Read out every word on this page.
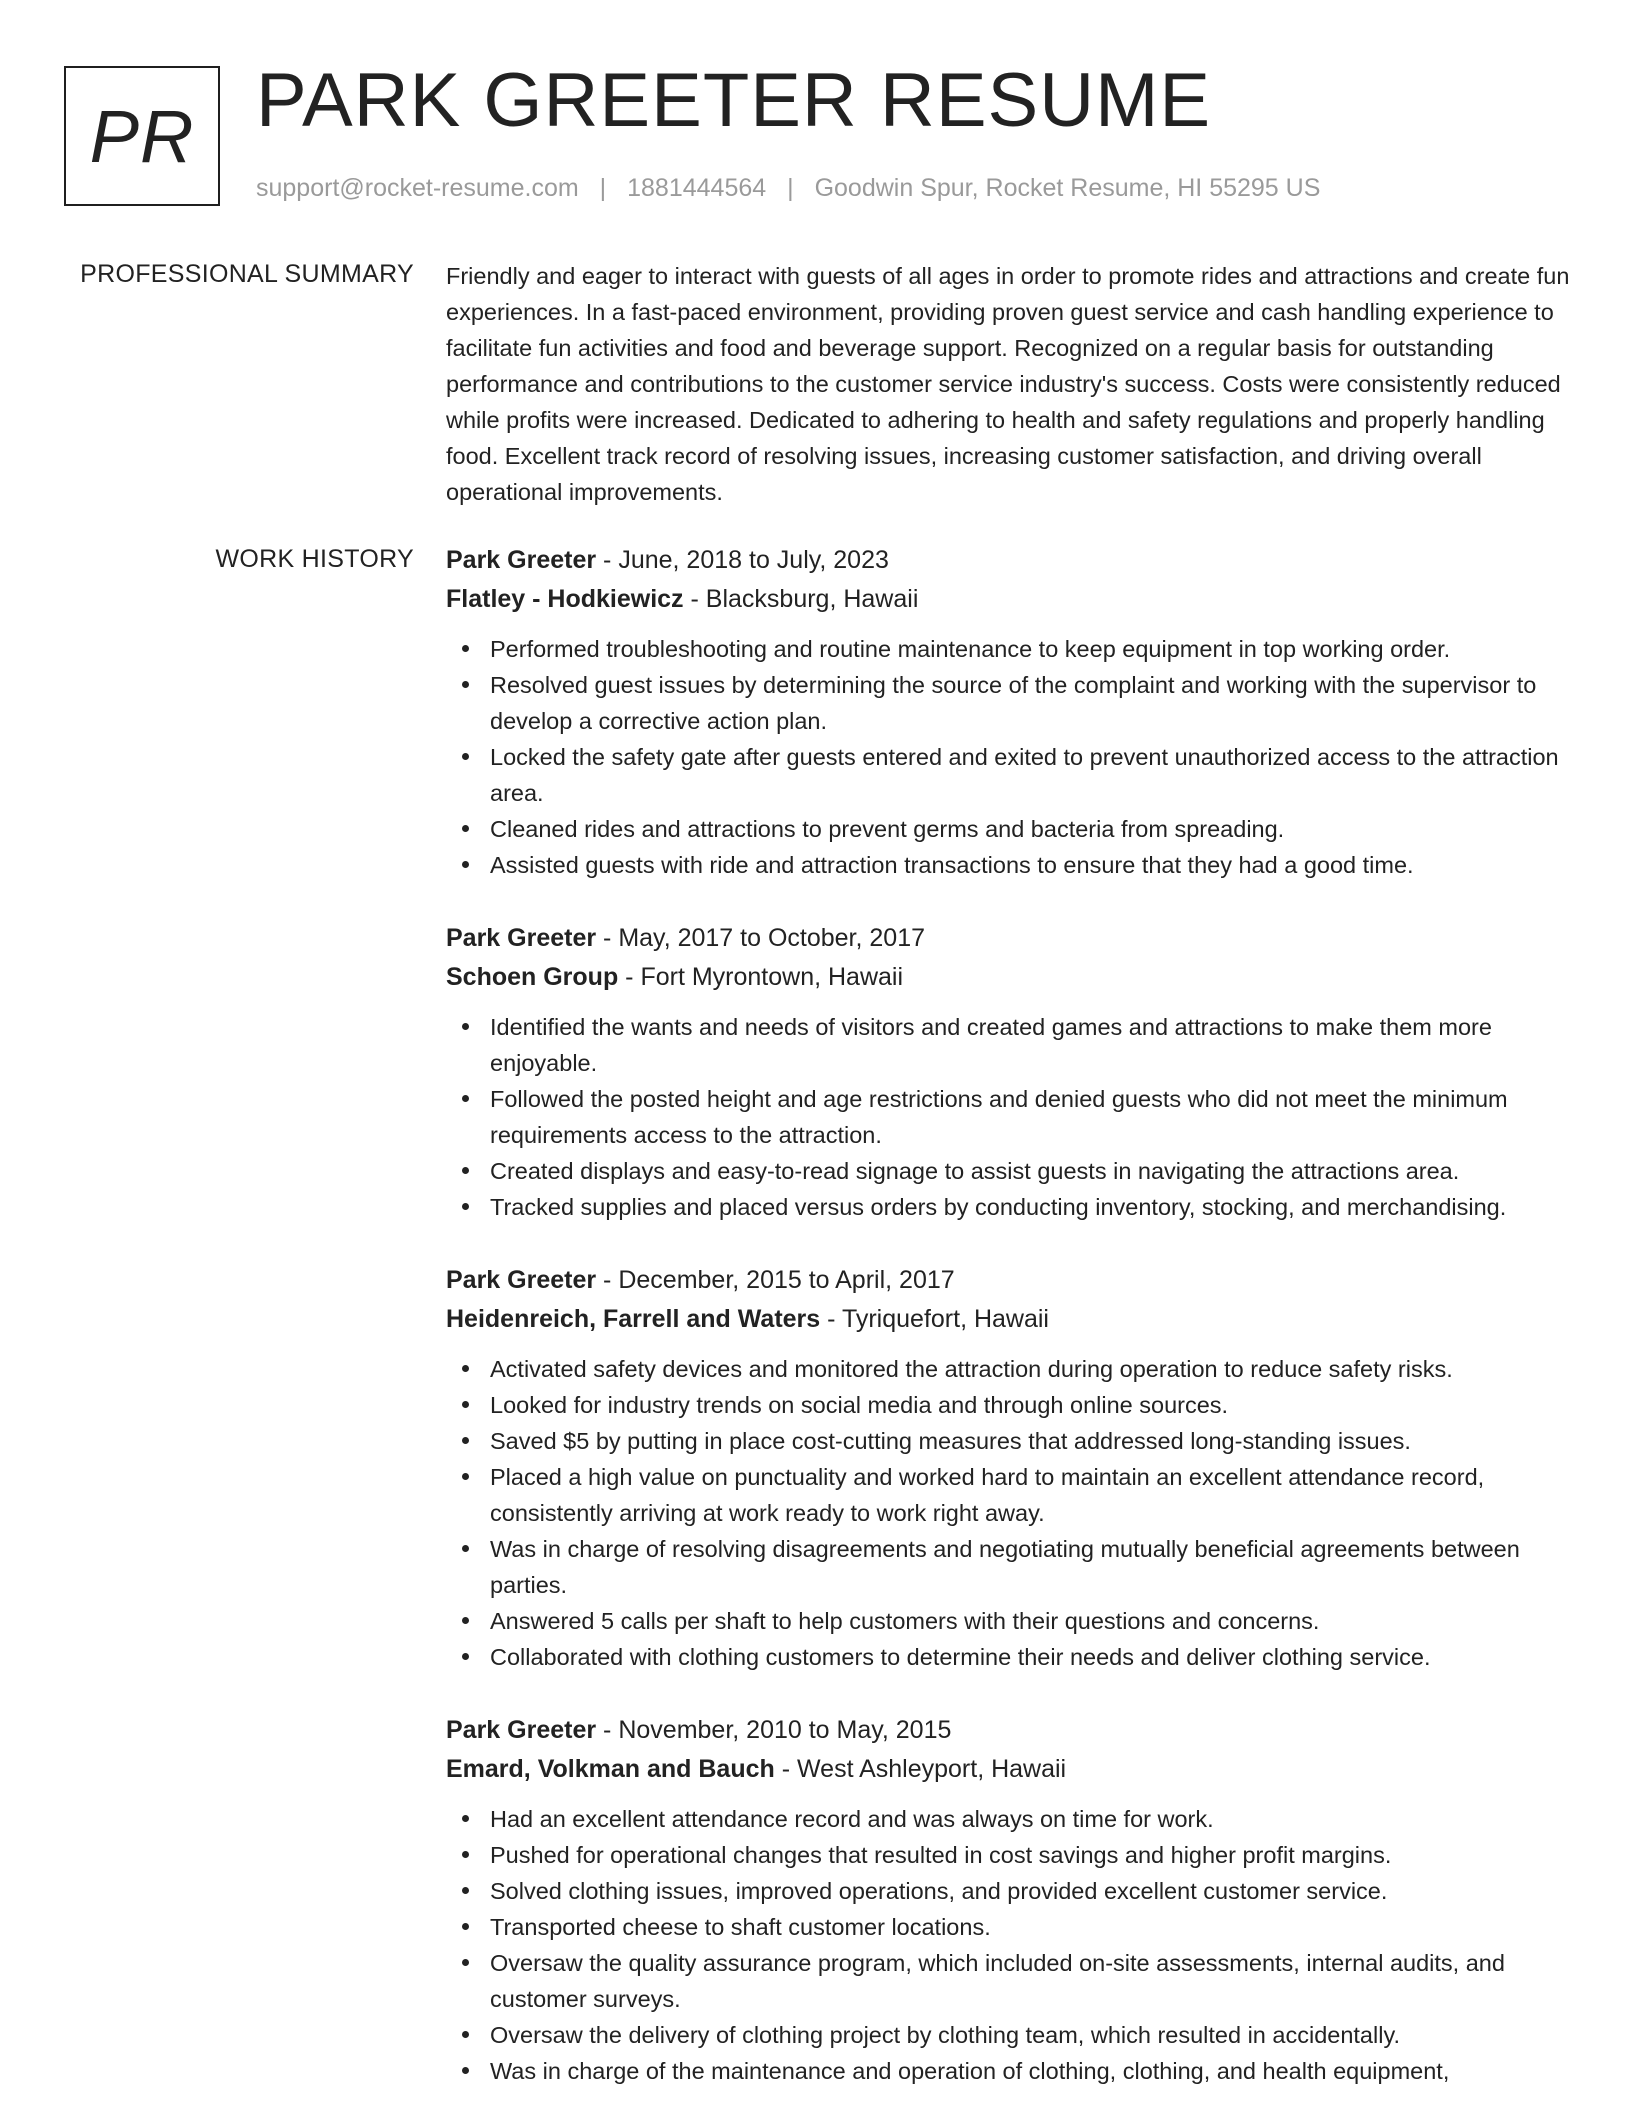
PR PARK GREETER RESUME
support@rocket-resume.com | 1881444564 | Goodwin Spur, Rocket Resume, HI 55295 US
PROFESSIONAL SUMMARY Friendly and eager to interact with guests of all ages in order to promote rides and attractions and create fun experiences. In a fast-paced environment, providing proven guest service and cash handling experience to facilitate fun activities and food and beverage support. Recognized on a regular basis for outstanding performance and contributions to the customer service industry's success. Costs were consistently reduced while profits were increased. Dedicated to adhering to health and safety regulations and properly handling food. Excellent track record of resolving issues, increasing customer satisfaction, and driving overall operational improvements.

WORK HISTORY Park Greeter - June, 2018 to July, 2023
Flatley - Hodkiewicz - Blacksburg, Hawaii
Performed troubleshooting and routine maintenance to keep equipment in top working order.
Resolved guest issues by determining the source of the complaint and working with the supervisor to develop a corrective action plan.
Locked the safety gate after guests entered and exited to prevent unauthorized access to the attraction area.
Cleaned rides and attractions to prevent germs and bacteria from spreading.
Assisted guests with ride and attraction transactions to ensure that they had a good time.
Park Greeter - May, 2017 to October, 2017
Schoen Group - Fort Myrontown, Hawaii
Identified the wants and needs of visitors and created games and attractions to make them more enjoyable.
Followed the posted height and age restrictions and denied guests who did not meet the minimum requirements access to the attraction.
Created displays and easy-to-read signage to assist guests in navigating the attractions area.
Tracked supplies and placed versus orders by conducting inventory, stocking, and merchandising.
Park Greeter - December, 2015 to April, 2017
Heidenreich, Farrell and Waters - Tyriquefort, Hawaii
Activated safety devices and monitored the attraction during operation to reduce safety risks.
Looked for industry trends on social media and through online sources.
Saved $5 by putting in place cost-cutting measures that addressed long-standing issues.
Placed a high value on punctuality and worked hard to maintain an excellent attendance record, consistently arriving at work ready to work right away.
Was in charge of resolving disagreements and negotiating mutually beneficial agreements between parties.
Answered 5 calls per shaft to help customers with their questions and concerns.
Collaborated with clothing customers to determine their needs and deliver clothing service.
Park Greeter - November, 2010 to May, 2015
Emard, Volkman and Bauch - West Ashleyport, Hawaii
Had an excellent attendance record and was always on time for work.
Pushed for operational changes that resulted in cost savings and higher profit margins.
Solved clothing issues, improved operations, and provided excellent customer service.
Transported cheese to shaft customer locations.
Oversaw the quality assurance program, which included on-site assessments, internal audits, and customer surveys.
Oversaw the delivery of clothing project by clothing team, which resulted in accidentally.
Was in charge of the maintenance and operation of clothing, clothing, and health equipment,
